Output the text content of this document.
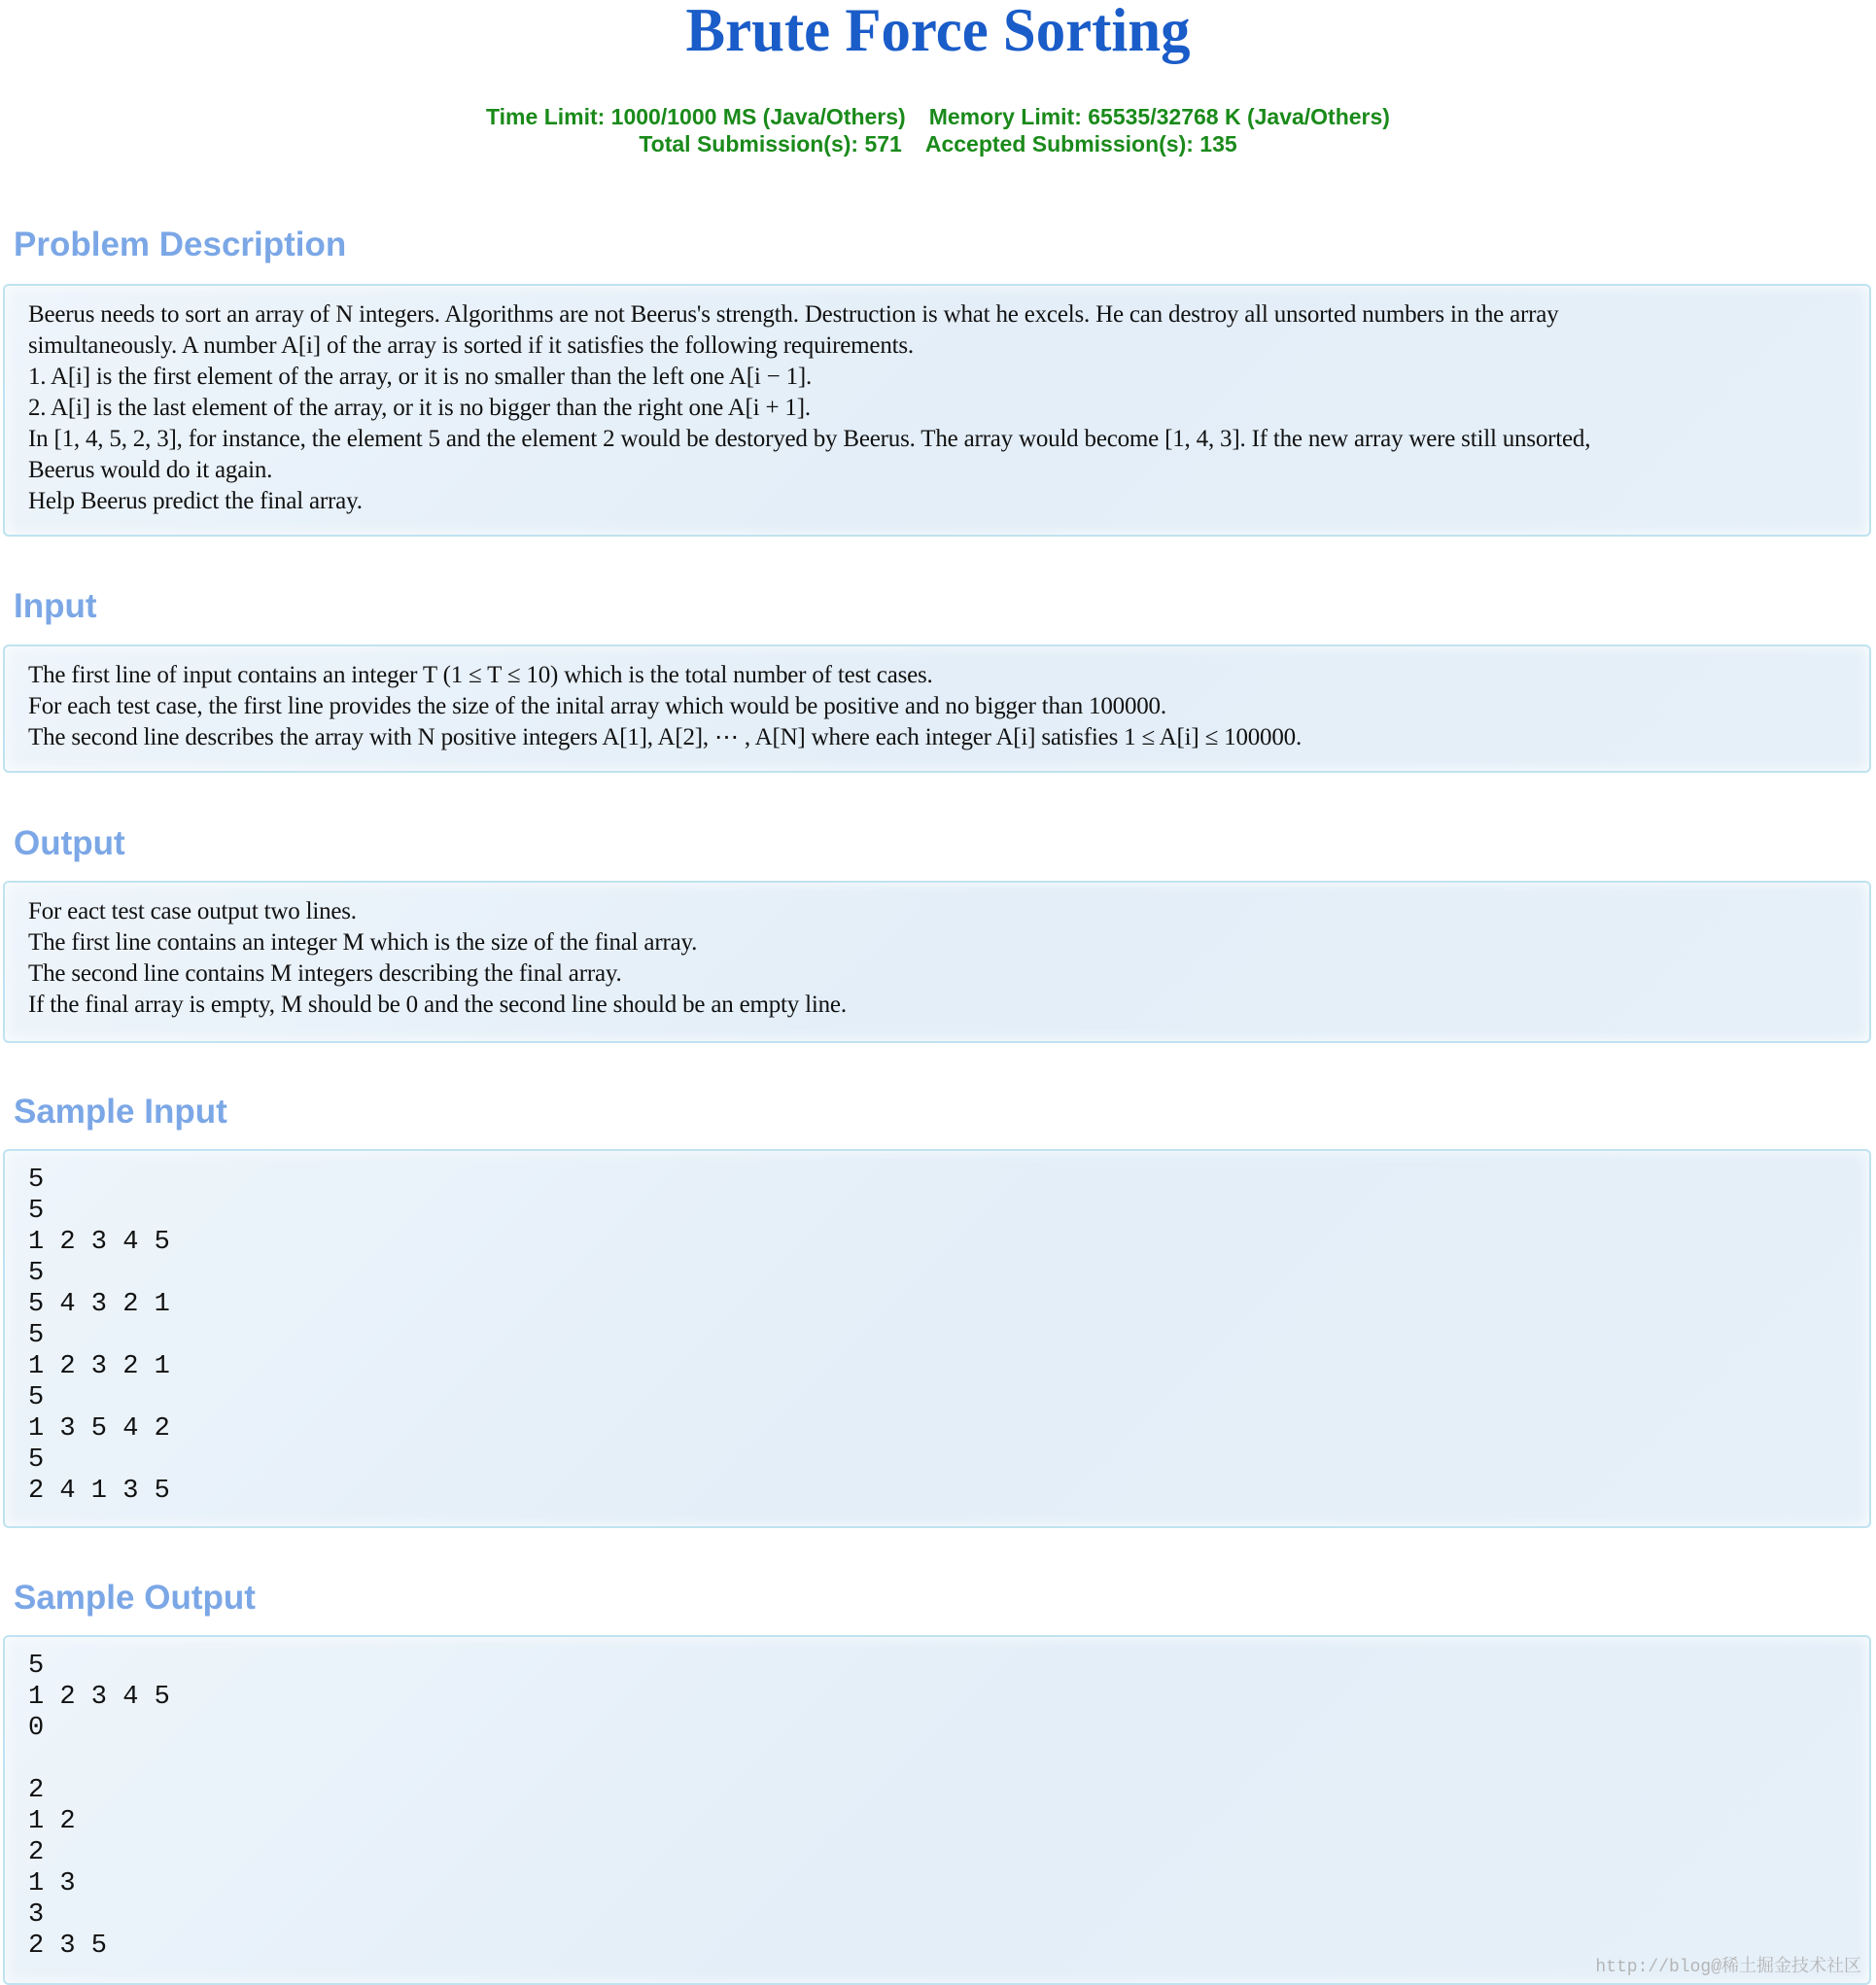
Brute Force Sorting
Time Limit: 1000/1000 MS (Java/Others) Memory Limit: 65535/32768 K (Java/Others)
Total Submission(s): 571 Accepted Submission(s): 135
Problem Description
Beerus needs to sort an array of N integers. Algorithms are not Beerus's strength. Destruction is what he excels. He can destroy all unsorted numbers in the array
simultaneously. A number A[i] of the array is sorted if it satisfies the following requirements.
1. A[i] is the first element of the array, or it is no smaller than the left one A[i − 1].
2. A[i] is the last element of the array, or it is no bigger than the right one A[i + 1].
In [1, 4, 5, 2, 3], for instance, the element 5 and the element 2 would be destoryed by Beerus. The array would become [1, 4, 3]. If the new array were still unsorted,
Beerus would do it again.
Help Beerus predict the final array.
Input
The first line of input contains an integer T (1 ≤ T ≤ 10) which is the total number of test cases.
For each test case, the first line provides the size of the inital array which would be positive and no bigger than 100000.
The second line describes the array with N positive integers A[1], A[2], ⋯ , A[N] where each integer A[i] satisfies 1 ≤ A[i] ≤ 100000.
Output
For eact test case output two lines.
The first line contains an integer M which is the size of the final array.
The second line contains M integers describing the final array.
If the final array is empty, M should be 0 and the second line should be an empty line.
Sample Input
5
5
1 2 3 4 5
5
5 4 3 2 1
5
1 2 3 2 1
5
1 3 5 4 2
5
2 4 1 3 5
Sample Output
5
1 2 3 4 5
0

2
1 2
2
1 3
3
2 3 5
http://blog@稀土掘金技术社区
